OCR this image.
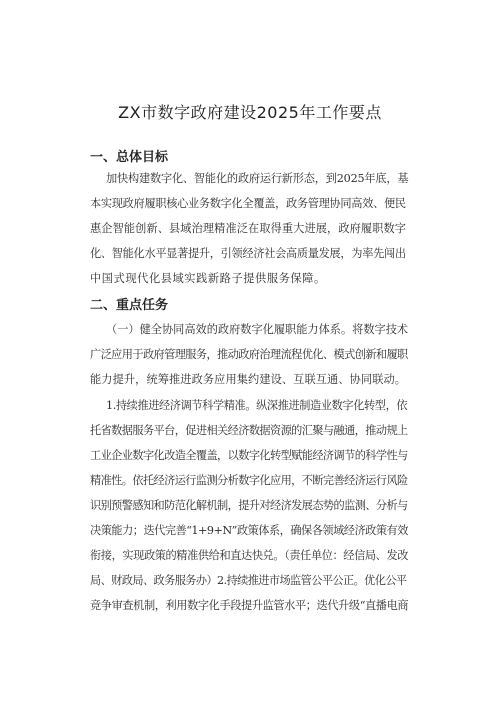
ZX市数字政府建设2025年工作要点
一、总体目标
加快构建数字化、智能化的政府运行新形态，到2025年底，基
本实现政府履职核心业务数字化全覆盖，政务管理协同高效、便民
惠企智能创新、县域治理精准泛在取得重大进展，政府履职数字
化、智能化水平显著提升，引领经济社会高质量发展，为率先闯出
中国式现代化县域实践新路子提供服务保障。
二、重点任务
（一）健全协同高效的政府数字化履职能力体系。将数字技术
广泛应用于政府管理服务，推动政府治理流程优化、模式创新和履职
能力提升，统筹推进政务应用集约建设、互联互通、协同联动。
1.持续推进经济调节科学精准。纵深推进制造业数字化转型，依
托省数据服务平台，促进相关经济数据资源的汇聚与融通，推动规上
工业企业数字化改造全覆盖，以数字化转型赋能经济调节的科学性与
精准性。依托经济运行监测分析数字化应用，不断完善经济运行风险
识别预警感知和防范化解机制，提升对经济发展态势的监测、分析与
决策能力；迭代完善“1+9+N”政策体系，确保各领域经济政策有效
衔接，实现政策的精准供给和直达快兑。（责任单位：经信局、发改
局、财政局、政务服务办）2.持续推进市场监管公平公正。优化公平
竞争审查机制，利用数字化手段提升监管水平；迭代升级“直播电商
